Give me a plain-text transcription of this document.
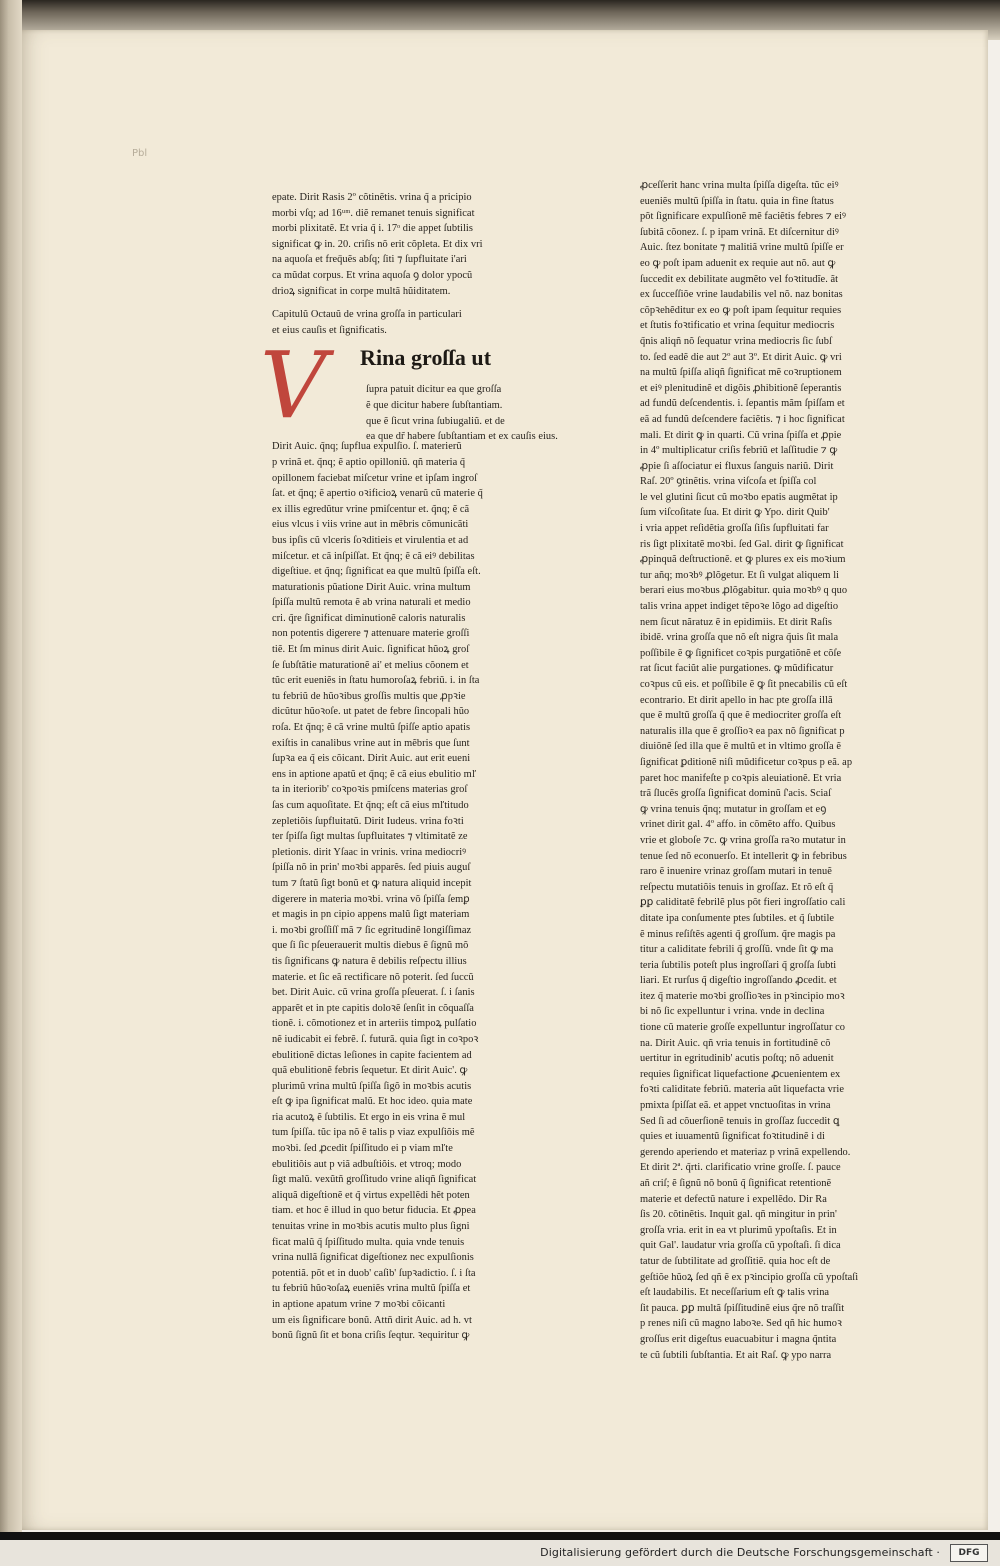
Pbl

epate. Dirit Rasis 2º cõtinẽtis. vrina q̃ a pricipio

morbi vſq; ad 16ᵘᵐ. diẽ remanet tenuis significat

morbi plixitatẽ. Et vria q̃ i. 17ᵒ die appet ſubtilis

significat ꝙ in. 20. criſis nõ erit cõpleta. Et dix vri

na aquoſa et freq̄uẽs abſq; ſiti ⁊ ſupfluitate i'ari

ca mũdat corpus. Et vrina aquoſa ꝯ dolor ypocũ

drioꝝ significat in corpe multã hũiditatem.

Capitulũ Octauũ de vrina groſſa in particulari

et eius cauſis et ſignificatis.

V Rina groſſa ut

ſupra patuit dicitur ea que groſſa

ẽ que dicitur habere ſubſtantiam.

que ẽ ſicut vrina ſubiugaliũ. et de

ea que dr̃ habere ſubſtantiam et ex cauſis eius.

Dirit Auic. q̃nq; ſupflua expulſio. ſ. materierũ

p vrinã et. q̃nq; ẽ aptio opilloniũ. qñ materia q̃

opillonem faciebat miſcetur vrine et ipſam ingroſ

ſat. et q̃nq; ẽ apertio oꝛificioꝝ venarũ cũ materie q̃

ex illis egredũtur vrine pmiſcentur et. q̃nq; ẽ cã

eius vlcus i viis vrine aut in mẽbris cõmunicãti

bus ipſis cũ vlceris ſoꝛditieis et virulentia et ad

miſcetur. et cã inſpiſſat. Et q̃nq; ẽ cã eiꝰ debilitas

digeſtiue. et q̃nq; ſignificat ea que multũ ſpiſſa eſt.

maturationis pũatione Dirit Auic. vrina multum

ſpiſſa multũ remota ẽ ab vrina naturali et medio

cri. q̃re ſignificat diminutionẽ caloris naturalis

non potentis digerere ⁊ attenuare materie groſſi

tiẽ. Et ſm minus dirit Auic. ſignificat hũoꝝ groſ

ſe ſubſtãtie maturationẽ ai' et melius cõonem et

tũc erit eueniẽs in ſtatu humoroſaꝝ febriũ. i. in ſta

tu febriũ de hũoꝛibus groſſis multis que ꝓpꝛie

dicũtur hũoꝛoſe. ut patet de febre ſincopali hũo

roſa. Et q̃nq; ẽ cã vrine multũ ſpiſſe aptio apatis

exiſtis in canalibus vrine aut in mẽbris que ſunt

ſupꝛa ea q̃ eis cõicant. Dirit Auic. aut erit eueni

ens in aptione apatũ et q̃nq; ẽ cã eius ebulitio mľ

ta in iteriorib' coꝛpoꝛis pmiſcens materias groſ

ſas cum aquoſitate. Et q̃nq; eſt cã eius mľtitudo

zepletiõis ſupfluitatũ. Dirit Iudeus. vrina foꝛti

ter ſpiſſa ſigt multas ſupfluitates ⁊ vltimitatẽ ze

pletionis. dirit Yſaac in vrinis. vrina mediocriꝰ

ſpiſſa nõ in prin' moꝛbi apparẽs. ſed piuis auguſ

tum ⁊ ſtatũ ſigt bonũ et ꝙ natura aliquid incepit

digerere in materia moꝛbi. vrina võ ſpiſſa ſemꝑ

et magis in pn cipio appens malũ ſigt materiam

i. moꝛbi groſſiſſ mã ⁊ ſic egritudinẽ longiſſimaz

que ſi ſic pſeuerauerit multis diebus ẽ ſignũ mõ

tis ſignificans ꝙ natura ẽ debilis reſpectu illius

materie. et ſic eã rectificare nõ poterit. ſed ſuccũ

bet. Dirit Auic. cũ vrina groſſa pſeuerat. ſ. i ſanis

apparẽt et in pte capitis doloꝛẽ ſenſit in cõquaſſa

tionẽ. i. cõmotionez et in arteriis timpoꝝ pulſatio

nẽ iudicabit ei febrẽ. ſ. futurã. quia ſigt in coꝛpoꝛ

ebulitionẽ dictas leſiones in capite facientem ad

quã ebulitionẽ febris ſequetur. Et dirit Auic'. ꝙ

plurimũ vrina multũ ſpiſſa ſigõ in moꝛbis acutis

eſt ꝙ ipa ſignificat malũ. Et hoc ideo. quia mate

ria acutoꝝ ẽ ſubtilis. Et ergo in eis vrina ẽ mul

tum ſpiſſa. tũc ipa nõ ẽ talis p viaz expulſiõis mẽ

moꝛbi. ſed ꝓcedit ſpiſſitudo ei p viam mľte

ebulitiõis aut p viã adbuſtiõis. et vtroq; modo

ſigt malũ. vexũtñ groſſitudo vrine aliqñ ſignificat

aliquã digeſtionẽ et q̃ virtus expellẽdi hẽt poten

tiam. et hoc ẽ illud in quo betur fiducia. Et ꝓpea

tenuitas vrine in moꝛbis acutis multo plus ſigni

ficat malũ q̃ ſpiſſitudo multa. quia vnde tenuis

vrina nullã ſignificat digeſtionez nec expulſionis

potentiã. põt et in duob' caſib' ſupꝛadictio. ſ. i ſta

tu febriũ hũoꝛoſaꝝ eueniẽs vrina multũ ſpiſſa et

in aptione apatum vrine ⁊ moꝛbi cõicanti

um eis ſignificare bonũ. Attñ dirit Auic. ad h. vt

bonũ ſignũ ſit et bona criſis ſeqtur. ꝛequiritur ꝙ

ꝓceſſerit hanc vrina multa ſpiſſa digeſta. tũc eiꝰ

eueniẽs multũ ſpiſſa in ſtatu. quia in fine ſtatus

põt ſignificare expulſionẽ mẽ faciẽtis febres ⁊ eiꝰ

ſubitã cõonez. ſ. p ipam vrinã. Et diſcernitur diꝰ

Auic. ſtez bonitate ⁊ malitiã vrine multũ ſpiſſe er

eo ꝙ poſt ipam aduenit ex requie aut nõ. aut ꝙ

ſuccedit ex debilitate augmẽto vel foꝛtitudĩe. ãt

ex ſucceſſiõe vrine laudabilis vel nõ. naz bonitas

cõpꝛehẽditur ex eo ꝙ poſt ipam ſequitur requies

et ſtutis foꝛtificatio et vrina ſequitur mediocris

q̃nis aliqñ nõ ſequatur vrina mediocris ſic ſubſ

to. ſed eadẽ die aut 2º aut 3º. Et dirit Auic. ꝙ vri

na multũ ſpiſſa aliqñ ſignificat mẽ coꝛruptionem

et eiꝰ plenitudinẽ et digõis ꝓhibitionẽ ſeperantis

ad fundũ deſcendentis. i. ſepantis mãm ſpiſſam et

eã ad fundũ deſcendere faciẽtis. ⁊ i hoc ſignificat

mali. Et dirit ꝙ in quarti. Cũ vrina ſpiſſa et ꝓpie

in 4º multiplicatur criſis febriũ et laſſitudie ⁊ ꝙ

ꝓpie ſi aſſociatur ei fluxus ſanguis nariũ. Dirit

Raſ. 20º ꝯtinẽtis. vrina viſcoſa et ſpiſſa col

le vel glutini ſicut cũ moꝛbo epatis augmẽtat ip

ſum viſcoſitate ſua. Et dirit ꝙ Ypo. dirit Quib'

i vria appet reſidẽtia groſſa ſiſis ſupfluitati far

ris ſigt plixitatẽ moꝛbi. ſed Gal. dirit ꝙ ſignificat

ꝓpinquã deſtructionẽ. et ꝙ plures ex eis moꝛium

tur añq; moꝛbꝰ ꝓlõgetur. Et ſi vulgat aliquem li

berari eius moꝛbus ꝓlõgabitur. quia moꝛbꝰ q quo

talis vrina appet indiget tẽpoꝛe lõgo ad digeſtio

nem ſicut nãratuz ẽ in epidimiis. Et dirit Raſis

ibidẽ. vrina groſſa que nõ eſt nigra q̃uis ſit mala

poſſibile ẽ ꝙ ſignificet coꝛpis purgatiõnẽ et cõſe

rat ſicut faciũt alie purgationes. ꝙ mũdificatur

coꝛpus cũ eis. et poſſibile ẽ ꝙ ſit pnecabilis cũ eſt

econtrario. Et dirit apello in hac pte groſſa illã

que ẽ multũ groſſa q̃ que ẽ mediocriter groſſa eſt

naturalis illa que ẽ groſſioꝛ ea pax nõ ſignificat p

diuiõnẽ ſed illa que ẽ multũ et in vltimo groſſa ẽ

ſignificat ꝑditionẽ niſi mũdificetur coꝛpus p eã. ap

paret hoc manifeſte p coꝛpis aleuiationẽ. Et vria

trã ſlucẽs groſſa ſignificat dominũ ſ'acis. Sciaſ

ꝙ vrina tenuis q̃nq; mutatur in groſſam et eꝯ

vrinet dirit gal. 4º affo. in cõmẽto affo. Quibus

vrie et globoſe ⁊c. ꝙ vrina groſſa raꝛo mutatur in

tenue ſed nõ econuerſo. Et intellerit ꝙ in febribus

raro ẽ inuenire vrinaz groſſam mutari in tenuẽ

reſpectu mutatiõis tenuis in groſſaz. Et rõ eſt q̃

ꝑꝑ caliditatẽ febrilẽ plus põt fieri ingroſſatio cali

ditate ipa conſumente ptes ſubtiles. et q̃ ſubtile

ẽ minus reſiſtẽs agenti q̃ groſſum. q̃re magis pa

titur a caliditate febrili q̃ groſſũ. vnde ſit ꝙ ma

teria ſubtilis poteſt plus ingroſſari q̃ groſſa ſubti

liari. Et rurſus q̃ digeſtio ingroſſando ꝓcedit. et

itez q̃ materie moꝛbi groſſioꝛes in pꝛincipio moꝛ

bi nõ ſic expelluntur i vrina. vnde in declina

tione cũ materie groſſe expelluntur ingroſſatur co

na. Dirit Auic. qñ vria tenuis in fortitudinẽ cõ

uertitur in egritudinib' acutis poſtq; nõ aduenit

requies ſignificat liquefactione ꝓcuenientem ex

foꝛti caliditate febriũ. materia aũt liquefacta vrie

pmixta ſpiſſat eã. et appet vnctuoſitas in vrina

Sed ſi ad cõuerſionẽ tenuis in groſſaz ſuccedit ꝗ

quies et iuuamentũ ſignificat foꝛtitudinẽ i di

gerendo aperiendo et materiaz p vrinã expellendo.

Et dirit 2ª. q̃rti. clarificatio vrine groſſe. ſ. pauce

añ criſ; ẽ ſignũ nõ bonũ q̃ ſignificat retentionẽ

materie et defectũ nature i expellẽdo. Dir Ra

ſis 20. cõtinẽtis. Inquit gal. qñ mingitur in prin'

groſſa vria. erit in ea vt plurimũ ypoſtaſis. Et in

quit Gal'. laudatur vria groſſa cũ ypoſtaſi. ſi dica

tatur de ſubtilitate ad groſſitiẽ. quia hoc eſt de

geſtiõe hũoꝝ ſed qñ ẽ ex pꝛincipio groſſa cũ ypoſtaſi

eſt laudabilis. Et neceſſarium eſt ꝙ talis vrina

ſit pauca. ꝑꝑ multã ſpiſſitudinẽ eius q̃re nõ traſſit

p renes niſi cũ magno laboꝛe. Sed qñ hic humoꝛ

groſſus erit digeſtus euacuabitur i magna q̃ntita

te cũ ſubtili ſubſtantia. Et ait Raſ. ꝙ ypo narra

Digitalisierung gefördert durch die Deutsche Forschungsgemeinschaft ·	DFG
